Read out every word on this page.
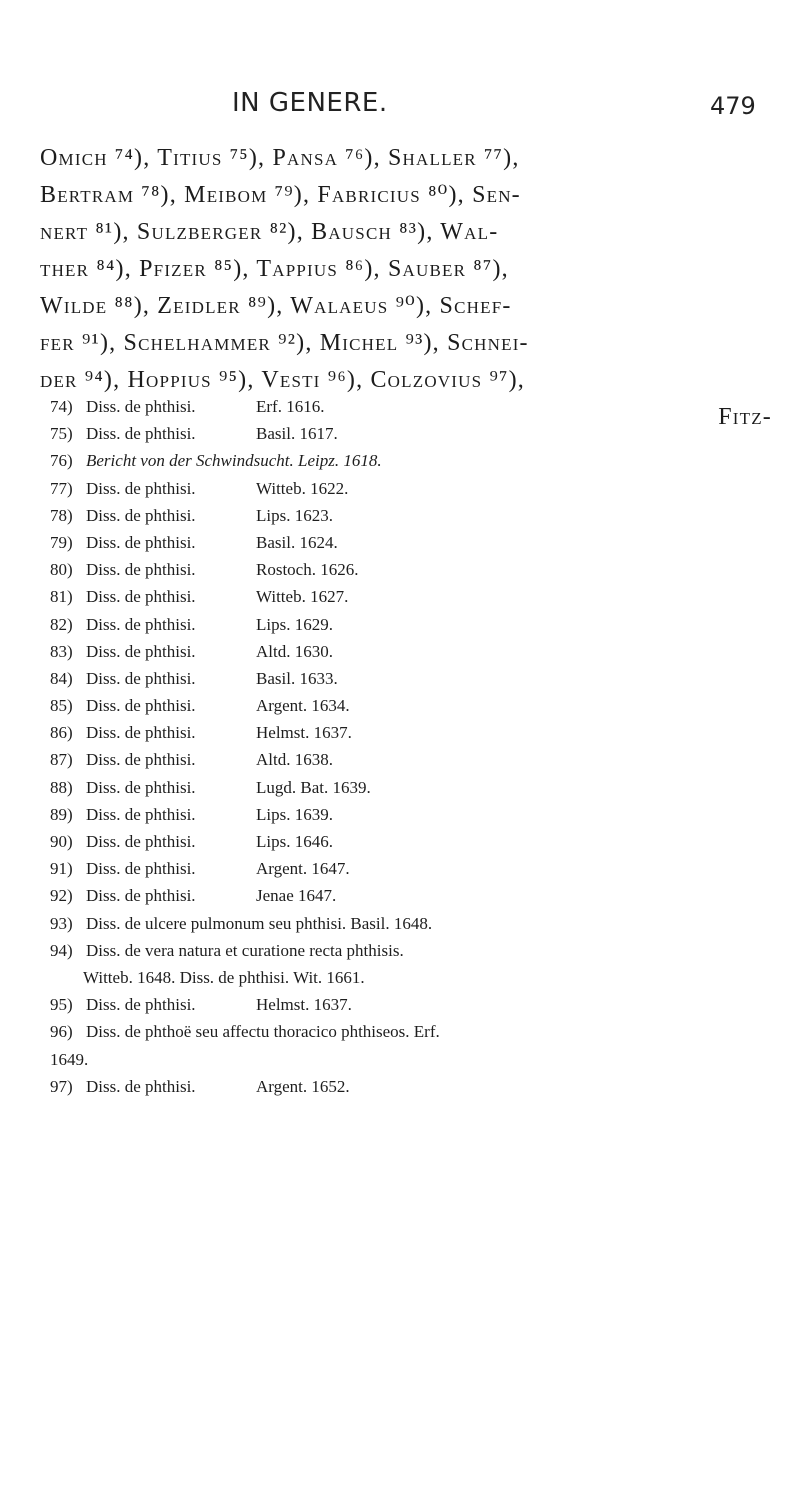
IN GENERE.	479
Omich ⁷⁴), Titius ⁷⁵), Pansa ⁷⁶), Shaller ⁷⁷),
Bertram ⁷⁸), Meibom ⁷⁹), Fabricius ⁸⁰), Sen-
nert ⁸¹), Sulzberger ⁸²), Bausch ⁸³), Wal-
ther ⁸⁴), Pfizer ⁸⁵), Tappius ⁸⁶), Sauber ⁸⁷),
Wilde ⁸⁸), Zeidler ⁸⁹), Walaeus ⁹⁰), Schef-
fer ⁹¹), Schelhammer ⁹²), Michel ⁹³), Schnei-
der ⁹⁴), Hoppius ⁹⁵), Vesti ⁹⁶), Colzovius ⁹⁷),
Fitz-
74) Diss. de phthisi.	Erf. 1616.
75) Diss. de phthisi.	Basil. 1617.
76) Bericht von der Schwindsucht. Leipz. 1618.
77) Diss. de phthisi.	Witteb. 1622.
78) Diss. de phthisi.	Lips. 1623.
79) Diss. de phthisi.	Basil. 1624.
80) Diss. de phthisi.	Rostoch. 1626.
81) Diss. de phthisi.	Witteb. 1627.
82) Diss. de phthisi.	Lips. 1629.
83) Diss. de phthisi.	Altd. 1630.
84) Diss. de phthisi.	Basil. 1633.
85) Diss. de phthisi.	Argent. 1634.
86) Diss. de phthisi.	Helmst. 1637.
87) Diss. de phthisi.	Altd. 1638.
88) Diss. de phthisi.	Lugd. Bat. 1639.
89) Diss. de phthisi.	Lips. 1639.
90) Diss. de phthisi.	Lips. 1646.
91) Diss. de phthisi.	Argent. 1647.
92) Diss. de phthisi.	Jenae 1647.
93) Diss. de ulcere pulmonum seu phthisi. Basil. 1648.
94) Diss. de vera natura et curatione recta phthisis.
Witteb. 1648. Diss. de phthisi. Wit. 1661.
95) Diss. de phthisi.	Helmst. 1637.
96) Diss. de phthoë seu affectu thoracico phthiseos. Erf.
1649.
97) Diss. de phthisi.	Argent. 1652.
